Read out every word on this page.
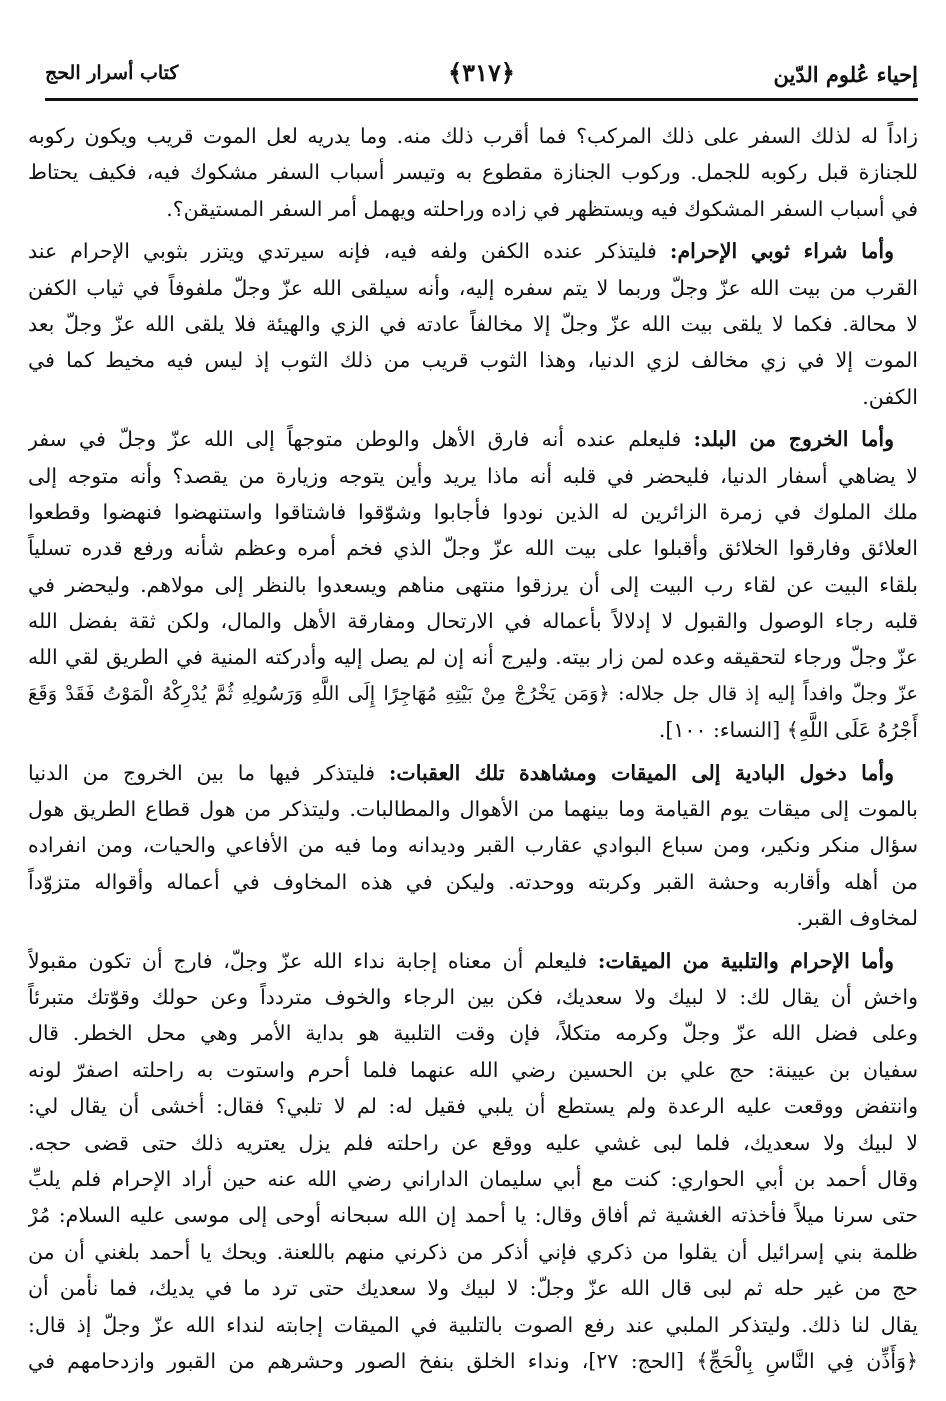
إحياء عُلوم الدّين
﴿٣١٧﴾
كتاب أسرار الحج
زاداً له لذلك السفر على ذلك المركب؟ فما أقرب ذلك منه. وما يدريه لعل الموت قريب ويكون ركوبه
للجنازة قبل ركوبه للجمل. وركوب الجنازة مقطوع به وتيسر أسباب السفر مشكوك فيه، فكيف يحتاط
في أسباب السفر المشكوك فيه ويستظهر في زاده وراحلته ويهمل أمر السفر المستيقن؟.
وأما شراء ثوبي الإحرام: فليتذكر عنده الكفن ولفه فيه، فإنه سيرتدي ويتزر بثوبي الإحرام عند
القرب من بيت الله عزّ وجلّ وربما لا يتم سفره إليه، وأنه سيلقى الله عزّ وجلّ ملفوفاً في ثياب الكفن
لا محالة. فكما لا يلقى بيت الله عزّ وجلّ إلا مخالفاً عادته في الزي والهيئة فلا يلقى الله عزّ وجلّ بعد
الموت إلا في زي مخالف لزي الدنيا، وهذا الثوب قريب من ذلك الثوب إذ ليس فيه مخيط كما في
الكفن.
وأما الخروج من البلد: فليعلم عنده أنه فارق الأهل والوطن متوجهاً إلى الله عزّ وجلّ في سفر
لا يضاهي أسفار الدنيا، فليحضر في قلبه أنه ماذا يريد وأين يتوجه وزيارة من يقصد؟ وأنه متوجه إلى
ملك الملوك في زمرة الزائرين له الذين نودوا فأجابوا وشوّقوا فاشتاقوا واستنهضوا فنهضوا وقطعوا
العلائق وفارقوا الخلائق وأقبلوا على بيت الله عزّ وجلّ الذي فخم أمره وعظم شأنه ورفع قدره تسلياً
بلقاء البيت عن لقاء رب البيت إلى أن يرزقوا منتهى مناهم ويسعدوا بالنظر إلى مولاهم. وليحضر في
قلبه رجاء الوصول والقبول لا إدلالاً بأعماله في الارتحال ومفارقة الأهل والمال، ولكن ثقة بفضل الله
عزّ وجلّ ورجاء لتحقيقه وعده لمن زار بيته. وليرج أنه إن لم يصل إليه وأدركته المنية في الطريق لقي الله
عزّ وجلّ وافداً إليه إذ قال جل جلاله: ﴿وَمَن يَخْرُجْ مِنْ بَيْتِهِ مُهَاجِرًا إِلَى اللَّهِ وَرَسُولِهِ ثُمَّ يُدْرِكْهُ الْمَوْتُ فَقَدْ وَقَعَ
أَجْرُهُ عَلَى اللَّهِ﴾ [النساء: ١٠٠].
وأما دخول البادية إلى الميقات ومشاهدة تلك العقبات: فليتذكر فيها ما بين الخروج من الدنيا
بالموت إلى ميقات يوم القيامة وما بينهما من الأهوال والمطالبات. وليتذكر من هول قطاع الطريق هول
سؤال منكر ونكير، ومن سباع البوادي عقارب القبر وديدانه وما فيه من الأفاعي والحيات، ومن انفراده
من أهله وأقاربه وحشة القبر وكربته ووحدته. وليكن في هذه المخاوف في أعماله وأقواله متزوّداً
لمخاوف القبر.
وأما الإحرام والتلبية من الميقات: فليعلم أن معناه إجابة نداء الله عزّ وجلّ، فارج أن تكون مقبولاً
واخش أن يقال لك: لا لبيك ولا سعديك، فكن بين الرجاء والخوف متردداً وعن حولك وقوّتك متبرئاً
وعلى فضل الله عزّ وجلّ وكرمه متكلاً، فإن وقت التلبية هو بداية الأمر وهي محل الخطر. قال
سفيان بن عيينة: حج علي بن الحسين رضي الله عنهما فلما أحرم واستوت به راحلته اصفرّ لونه
وانتفض ووقعت عليه الرعدة ولم يستطع أن يلبي فقيل له: لم لا تلبي؟ فقال: أخشى أن يقال لي:
لا لبيك ولا سعديك، فلما لبى غشي عليه ووقع عن راحلته فلم يزل يعتريه ذلك حتى قضى حجه.
وقال أحمد بن أبي الحواري: كنت مع أبي سليمان الداراني رضي الله عنه حين أراد الإحرام فلم يلبِّ
حتى سرنا ميلاً فأخذته الغشية ثم أفاق وقال: يا أحمد إن الله سبحانه أوحى إلى موسى عليه السلام: مُرْ
ظلمة بني إسرائيل أن يقلوا من ذكري فإني أذكر من ذكرني منهم باللعنة. ويحك يا أحمد بلغني أن من
حج من غير حله ثم لبى قال الله عزّ وجلّ: لا لبيك ولا سعديك حتى ترد ما في يديك، فما نأمن أن
يقال لنا ذلك. وليتذكر الملبي عند رفع الصوت بالتلبية في الميقات إجابته لنداء الله عزّ وجلّ إذ قال:
﴿وَأَذِّن فِي النَّاسِ بِالْحَجِّ﴾ [الحج: ٢٧]، ونداء الخلق بنفخ الصور وحشرهم من القبور وازدحامهم في
